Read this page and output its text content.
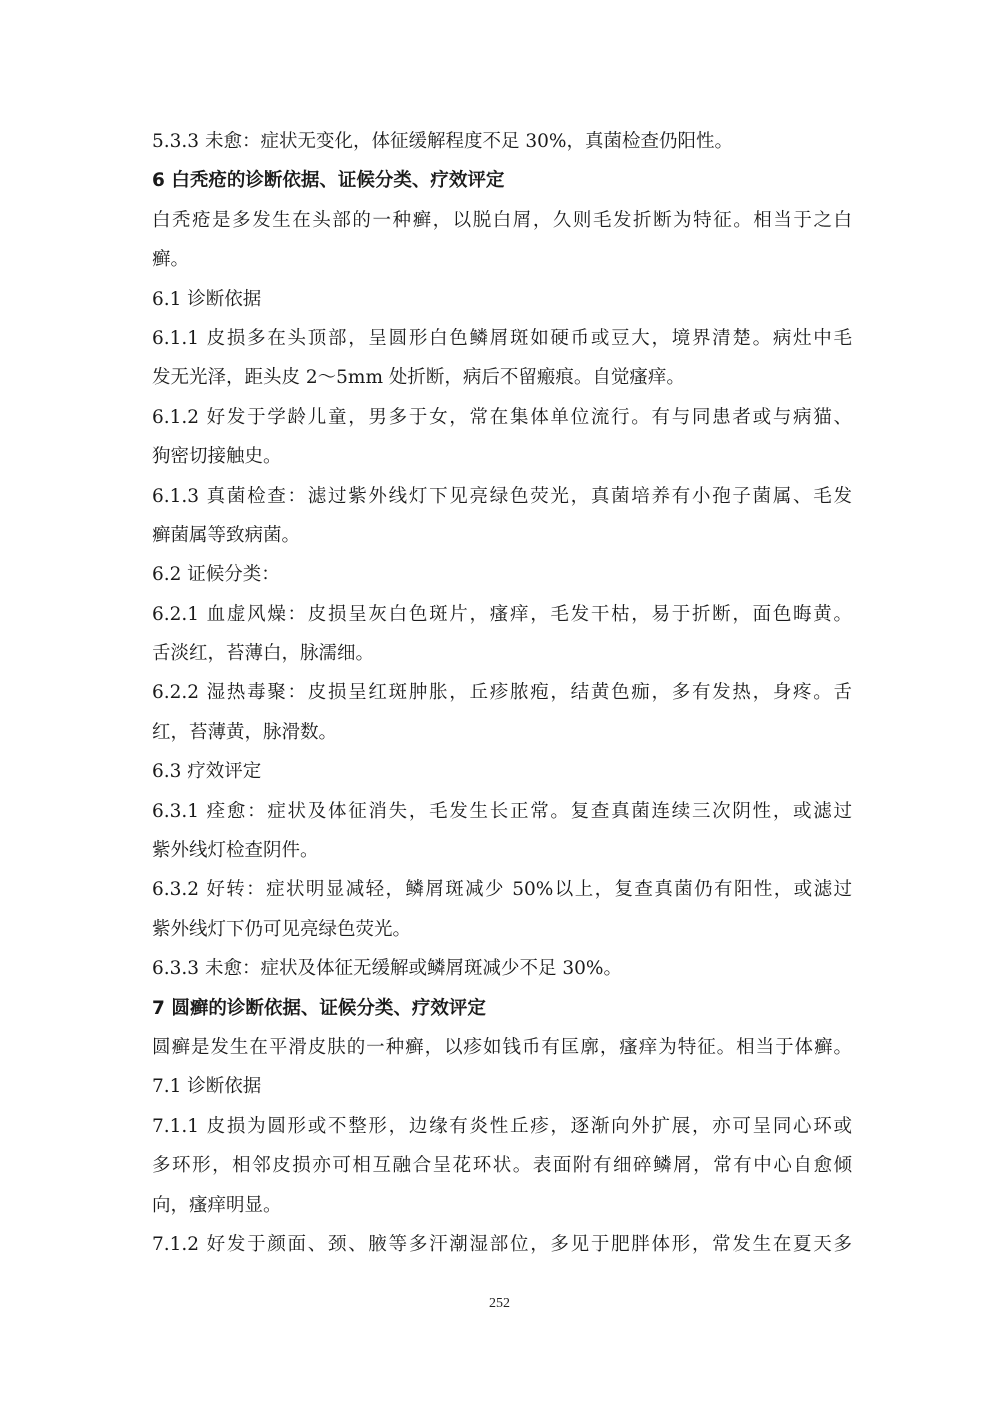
5.3.3 未愈：症状无变化，体征缓解程度不足 30%，真菌检查仍阳性。
6 白秃疮的诊断依据、证候分类、疗效评定
白秃疮是多发生在头部的一种癣，以脱白屑，久则毛发折断为特征。相当于之白
癣。
6.1 诊断依据
6.1.1 皮损多在头顶部，呈圆形白色鳞屑斑如硬币或豆大，境界清楚。病灶中毛
发无光泽，距头皮 2～5mm 处折断，病后不留瘢痕。自觉瘙痒。
6.1.2 好发于学龄儿童，男多于女，常在集体单位流行。有与同患者或与病猫、
狗密切接触史。
6.1.3 真菌检查：滤过紫外线灯下见亮绿色荧光，真菌培养有小孢子菌属、毛发
癣菌属等致病菌。
6.2 证候分类：
6.2.1 血虚风燥：皮损呈灰白色斑片，瘙痒，毛发干枯，易于折断，面色晦黄。
舌淡红，苔薄白，脉濡细。
6.2.2 湿热毒聚：皮损呈红斑肿胀，丘疹脓疱，结黄色痂，多有发热，身疼。舌
红，苔薄黄，脉滑数。
6.3 疗效评定
6.3.1 痊愈：症状及体征消失，毛发生长正常。复查真菌连续三次阴性，或滤过
紫外线灯检查阴件。
6.3.2 好转：症状明显减轻，鳞屑斑减少 50%以上，复查真菌仍有阳性，或滤过
紫外线灯下仍可见亮绿色荧光。
6.3.3 未愈：症状及体征无缓解或鳞屑斑减少不足 30%。
7 圆癣的诊断依据、证候分类、疗效评定
圆癣是发生在平滑皮肤的一种癣，以疹如钱币有匡廓，瘙痒为特征。相当于体癣。
7.1 诊断依据
7.1.1 皮损为圆形或不整形，边缘有炎性丘疹，逐渐向外扩展，亦可呈同心环或
多环形，相邻皮损亦可相互融合呈花环状。表面附有细碎鳞屑，常有中心自愈倾
向，瘙痒明显。
7.1.2 好发于颜面、颈、腋等多汗潮湿部位，多见于肥胖体形，常发生在夏天多
252
